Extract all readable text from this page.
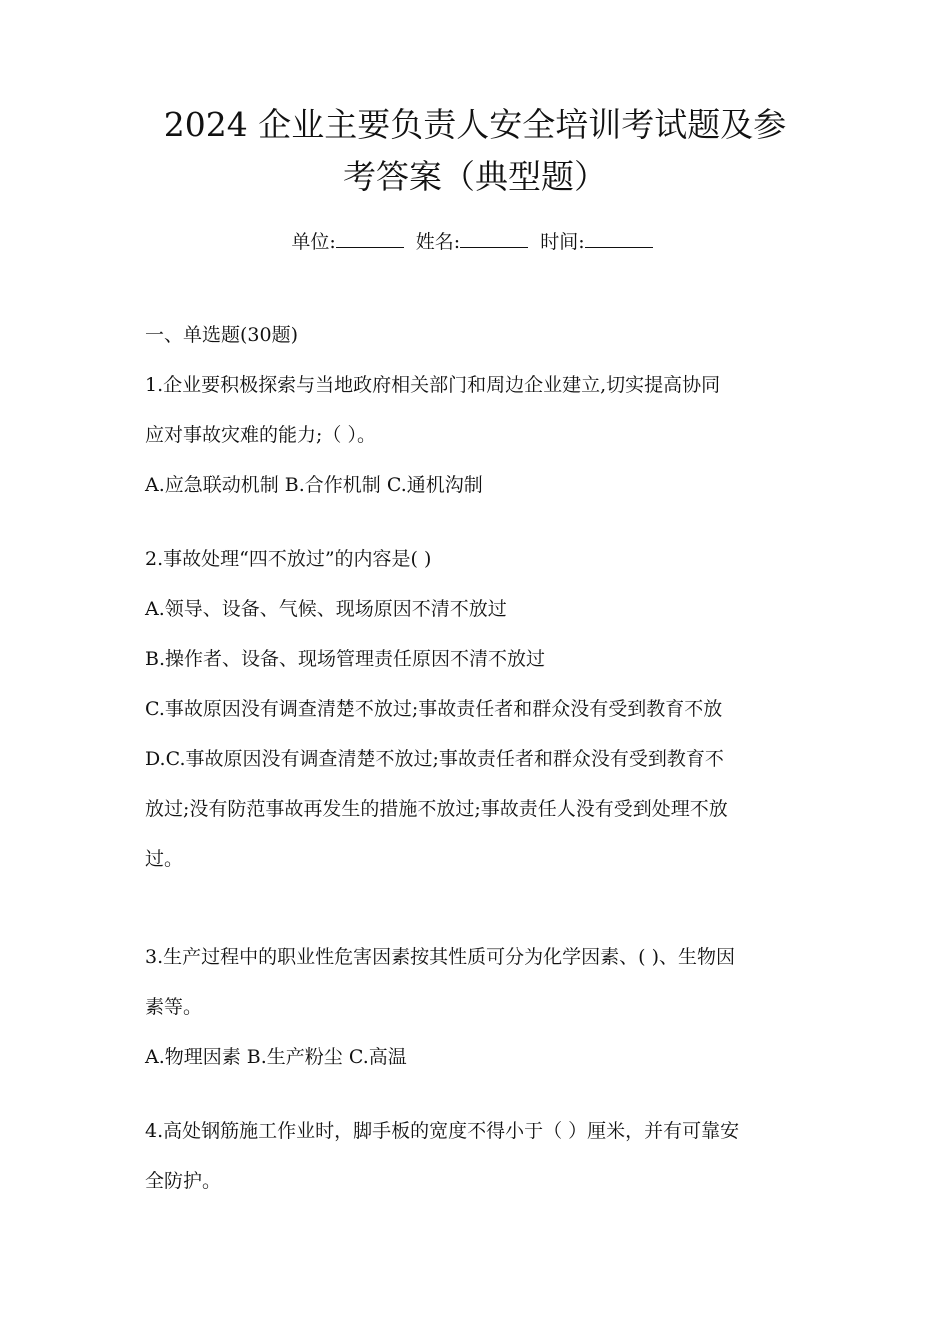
2024 企业主要负责人安全培训考试题及参
考答案（典型题）
单位:	姓名:	时间:
一、单选题(30题)
1.企业要积极探索与当地政府相关部门和周边企业建立,切实提高协同
应对事故灾难的能力;（ ）。
A.应急联动机制 B.合作机制 C.通机沟制
2.事故处理“四不放过”的内容是( )
A.领导、设备、气候、现场原因不清不放过
B.操作者、设备、现场管理责任原因不清不放过
C.事故原因没有调查清楚不放过;事故责任者和群众没有受到教育不放
D.C.事故原因没有调查清楚不放过;事故责任者和群众没有受到教育不
放过;没有防范事故再发生的措施不放过;事故责任人没有受到处理不放
过。
3.生产过程中的职业性危害因素按其性质可分为化学因素、( )、生物因
素等。
A.物理因素 B.生产粉尘 C.高温
4.高处钢筋施工作业时，脚手板的宽度不得小于（ ）厘米，并有可靠安
全防护。
